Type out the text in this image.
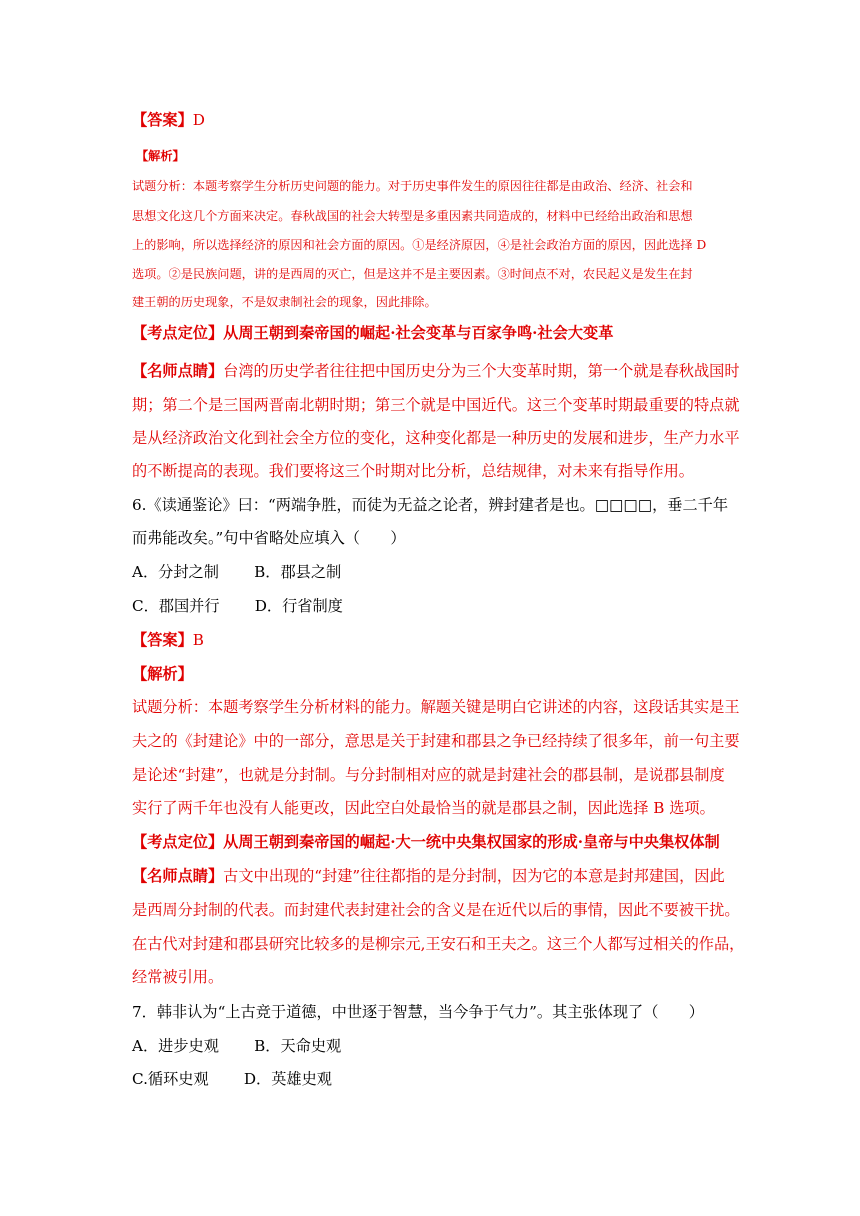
【答案】D
【解析】
试题分析：本题考察学生分析历史问题的能力。对于历史事件发生的原因往往都是由政治、经济、社会和
思想文化这几个方面来决定。春秋战国的社会大转型是多重因素共同造成的，材料中已经给出政治和思想
上的影响，所以选择经济的原因和社会方面的原因。①是经济原因，④是社会政治方面的原因，因此选择 D
选项。②是民族问题，讲的是西周的灭亡，但是这并不是主要因素。③时间点不对，农民起义是发生在封
建王朝的历史现象，不是奴隶制社会的现象，因此排除。
【考点定位】从周王朝到秦帝国的崛起·社会变革与百家争鸣·社会大变革
【名师点睛】台湾的历史学者往往把中国历史分为三个大变革时期，第一个就是春秋战国时
期；第二个是三国两晋南北朝时期；第三个就是中国近代。这三个变革时期最重要的特点就
是从经济政治文化到社会全方位的变化，这种变化都是一种历史的发展和进步，生产力水平
的不断提高的表现。我们要将这三个时期对比分析，总结规律，对未来有指导作用。
6.《读通鉴论》曰：“两端争胜，而徒为无益之论者，辨封建者是也。□□□□，垂二千年
而弗能改矣。”句中省略处应填入（　　）
A．分封之制　　 B．郡县之制
C．郡国并行　　 D．行省制度
【答案】B
【解析】
试题分析：本题考察学生分析材料的能力。解题关键是明白它讲述的内容，这段话其实是王
夫之的《封建论》中的一部分，意思是关于封建和郡县之争已经持续了很多年，前一句主要
是论述“封建”，也就是分封制。与分封制相对应的就是封建社会的郡县制，是说郡县制度
实行了两千年也没有人能更改，因此空白处最恰当的就是郡县之制，因此选择 B 选项。
【考点定位】从周王朝到秦帝国的崛起·大一统中央集权国家的形成·皇帝与中央集权体制
【名师点睛】古文中出现的“封建”往往都指的是分封制，因为它的本意是封邦建国，因此
是西周分封制的代表。而封建代表封建社会的含义是在近代以后的事情，因此不要被干扰。
在古代对封建和郡县研究比较多的是柳宗元,王安石和王夫之。这三个人都写过相关的作品，
经常被引用。
7．韩非认为“上古竞于道德，中世逐于智慧，当今争于气力”。其主张体现了（　　）
A．进步史观　　 B．天命史观
C.循环史观　　 D．英雄史观
